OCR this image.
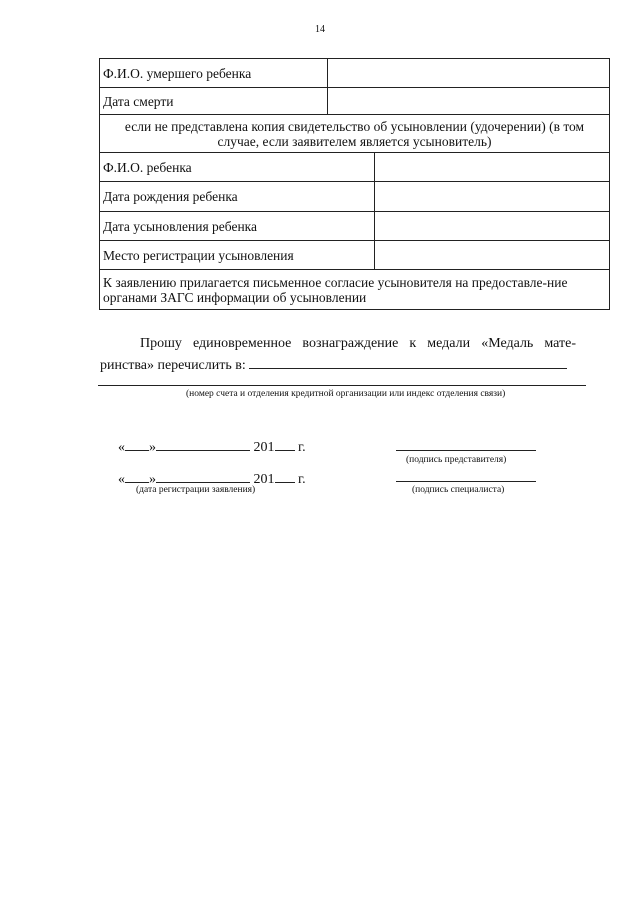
14
Ф.И.О. умершего ребенка		
Дата смерти		
если не представлена копия свидетельство об усыновлении (удочерении) (в том случае, если заявителем является усыновитель)		
Ф.И.О. ребенка		
Дата рождения ребенка		
Дата усыновления ребенка		
Место регистрации усыновления		
К заявлению прилагается письменное согласие усыновителя на предоставле-ние органами ЗАГС информации об усыновлении		
Прошу единовременное вознаграждение к медали «Медаль мате-
ринства» перечислить в:
(номер счета и отделения кредитной организации или индекс отделения связи)
« »	201 г.
(подпись представителя)
« »	201 г.
(дата регистрации заявления)	(подпись специалиста)
